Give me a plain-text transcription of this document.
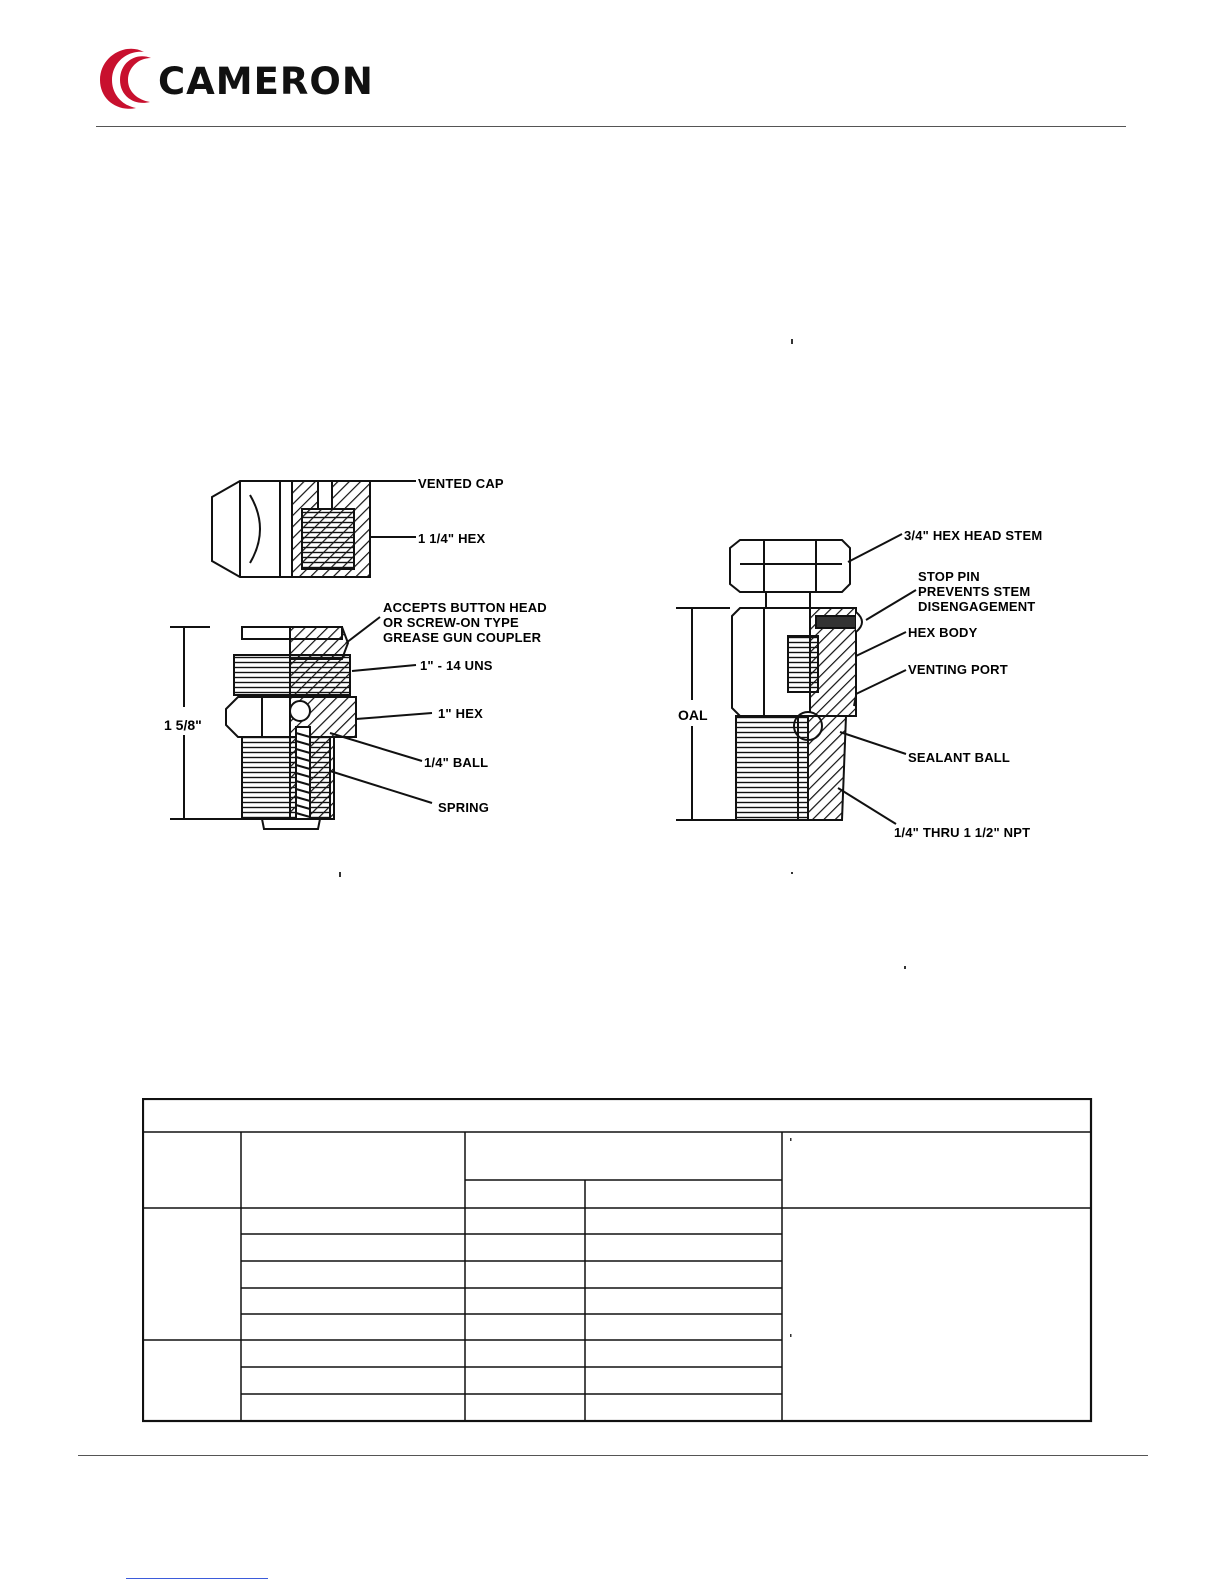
CAMERON
VENTED CAP
1 1/4" HEX
ACCEPTS BUTTON HEAD
OR SCREW-ON TYPE
GREASE GUN COUPLER
1" - 14 UNS
1" HEX
1/4" BALL
SPRING
1 5/8"
3/4" HEX HEAD STEM
STOP PIN
PREVENTS STEM
DISENGAGEMENT
HEX BODY
VENTING PORT
OAL
SEALANT BALL
1/4" THRU 1 1/2" NPT
